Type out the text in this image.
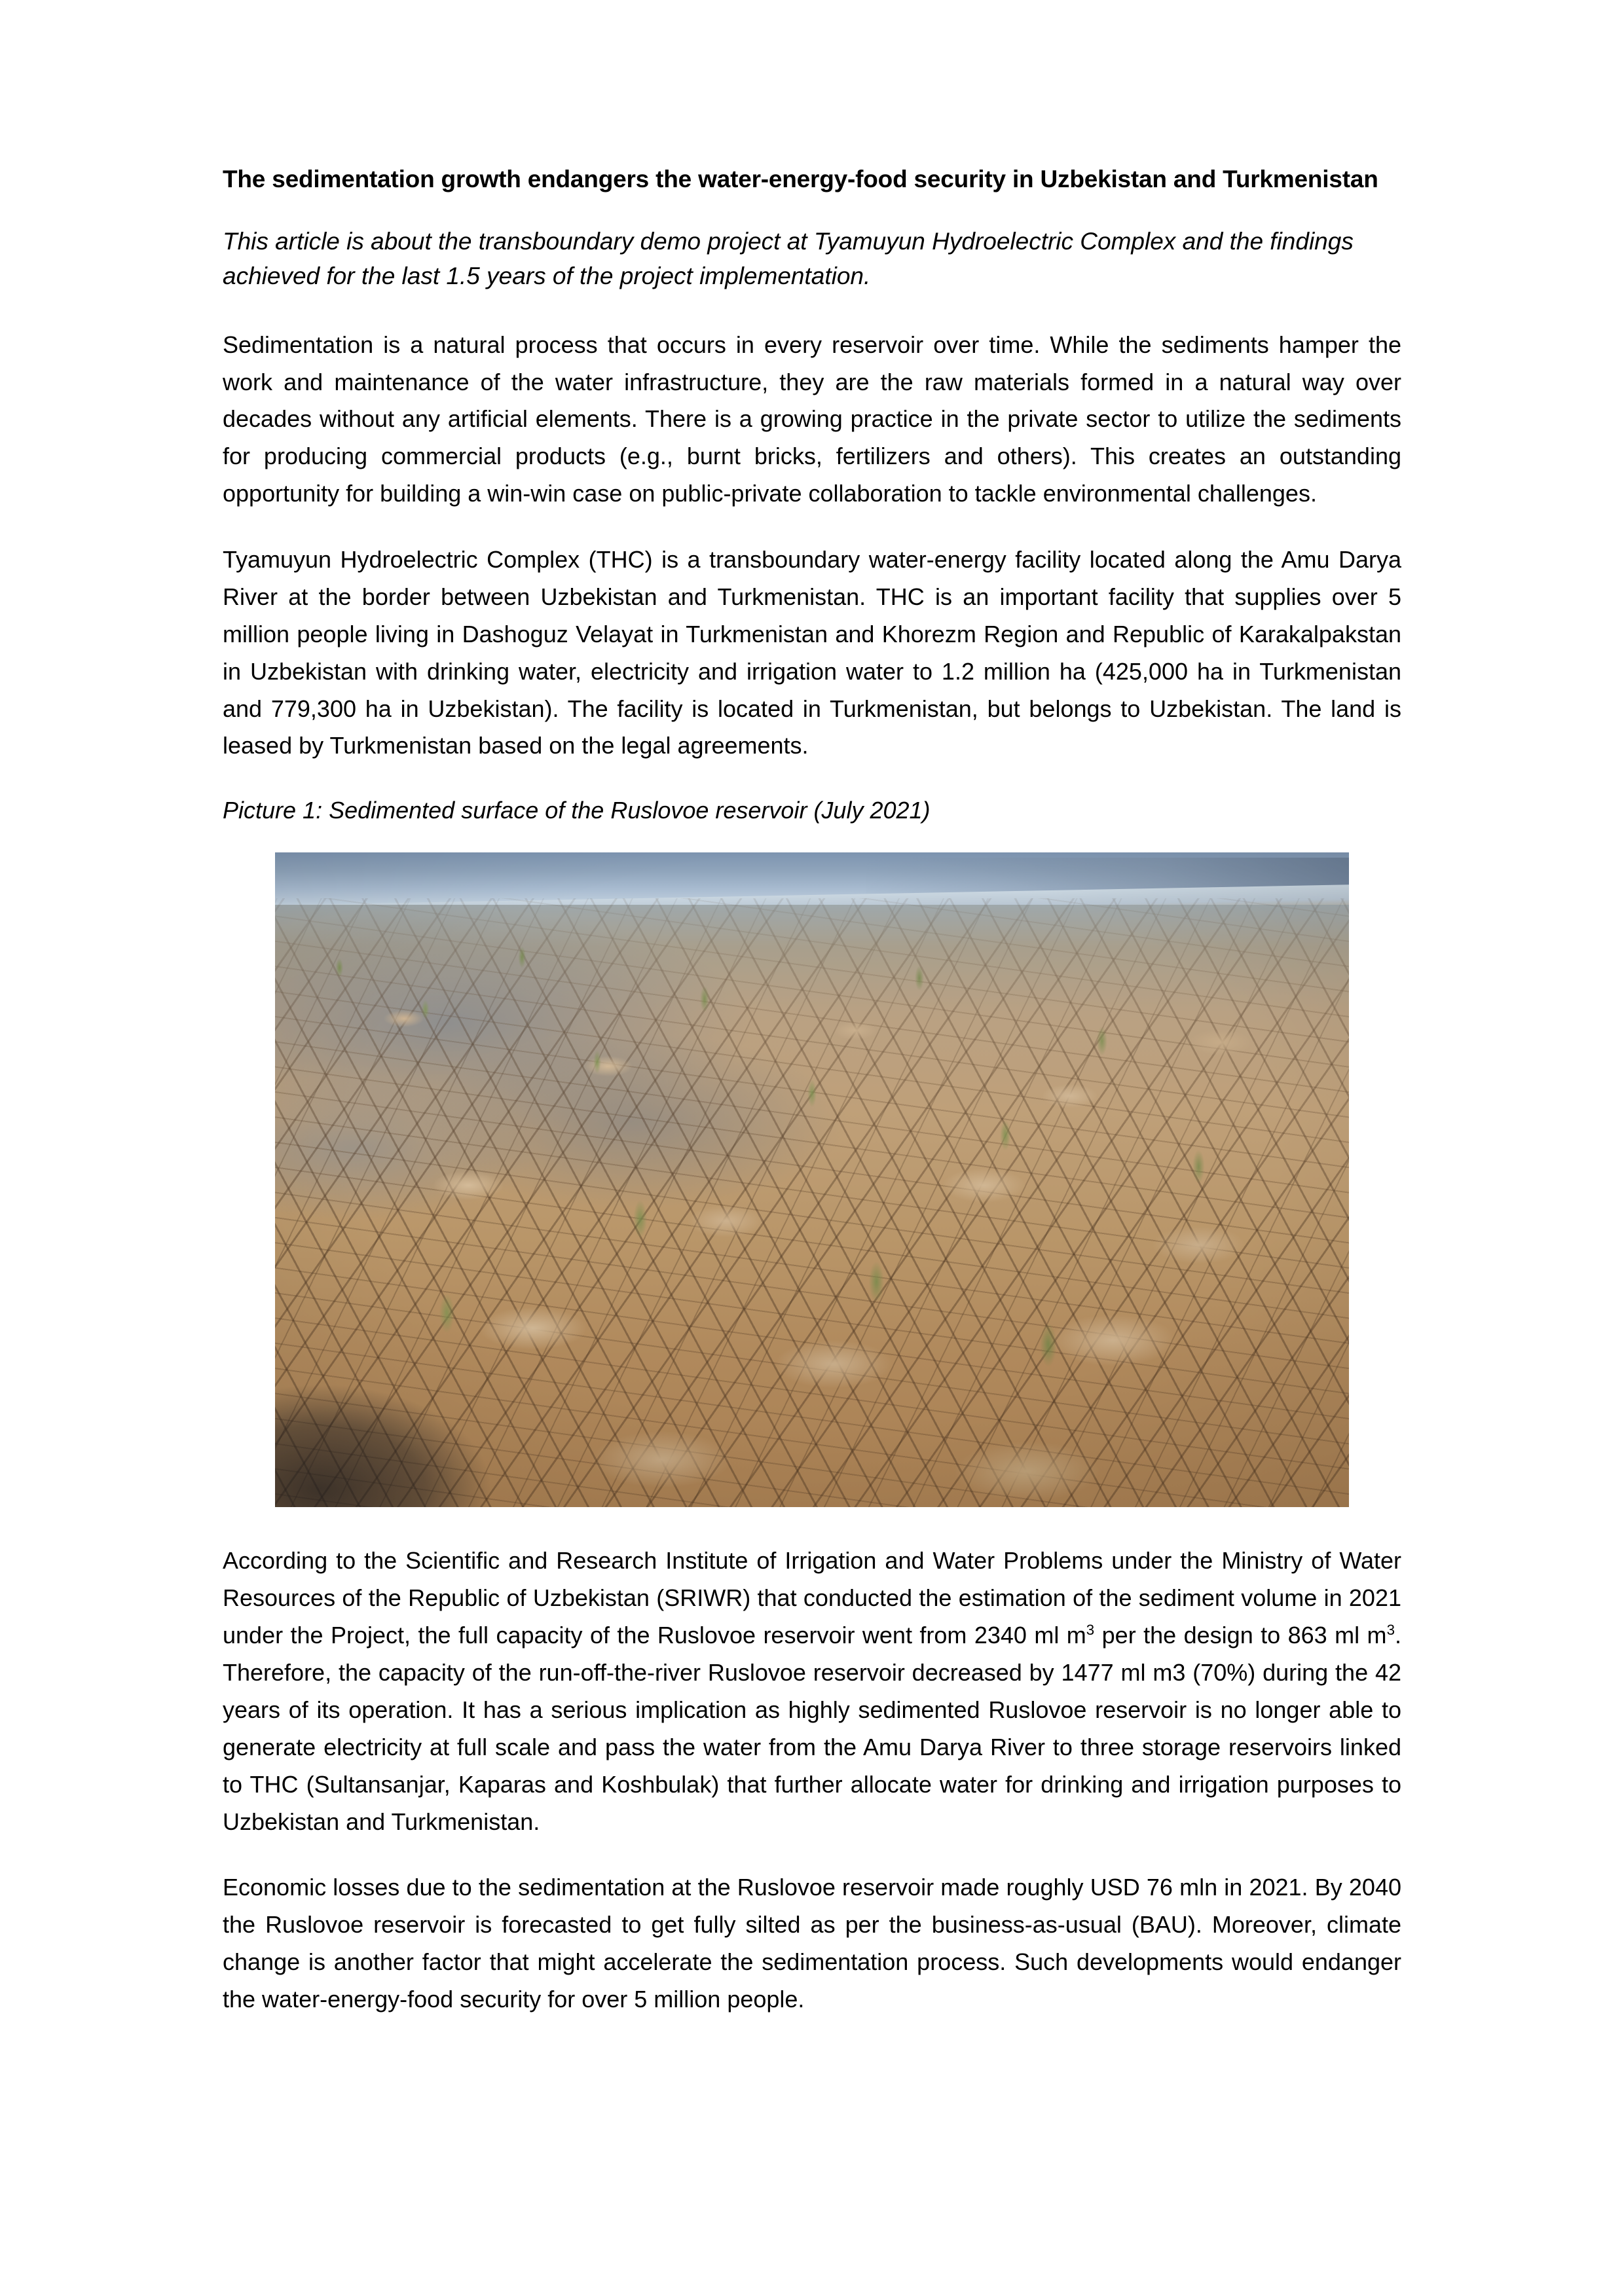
The sedimentation growth endangers the water-energy-food security in Uzbekistan and Turkmenistan

This article is about the transboundary demo project at Tyamuyun Hydroelectric Complex and the findings achieved for the last 1.5 years of the project implementation.

Sedimentation is a natural process that occurs in every reservoir over time. While the sediments hamper the work and maintenance of the water infrastructure, they are the raw materials formed in a natural way over decades without any artificial elements. There is a growing practice in the private sector to utilize the sediments for producing commercial products (e.g., burnt bricks, fertilizers and others). This creates an outstanding opportunity for building a win-win case on public-private collaboration to tackle environmental challenges.

Tyamuyun Hydroelectric Complex (THC) is a transboundary water-energy facility located along the Amu Darya River at the border between Uzbekistan and Turkmenistan. THC is an important facility that supplies over 5 million people living in Dashoguz Velayat in Turkmenistan and Khorezm Region and Republic of Karakalpakstan in Uzbekistan with drinking water, electricity and irrigation water to 1.2 million ha (425,000 ha in Turkmenistan and 779,300 ha in Uzbekistan). The facility is located in Turkmenistan, but belongs to Uzbekistan. The land is leased by Turkmenistan based on the legal agreements.

Picture 1: Sedimented surface of the Ruslovoe reservoir (July 2021)

According to the Scientific and Research Institute of Irrigation and Water Problems under the Ministry of Water Resources of the Republic of Uzbekistan (SRIWR) that conducted the estimation of the sediment volume in 2021 under the Project, the full capacity of the Ruslovoe reservoir went from 2340 ml $m^3$ per the design to 863 ml $m^3$. Therefore, the capacity of the run-off-the-river Ruslovoe reservoir decreased by 1477 ml m3 (70%) during the 42 years of its operation. It has a serious implication as highly sedimented Ruslovoe reservoir is no longer able to generate electricity at full scale and pass the water from the Amu Darya River to three storage reservoirs linked to THC (Sultansanjar, Kaparas and Koshbulak) that further allocate water for drinking and irrigation purposes to Uzbekistan and Turkmenistan.

Economic losses due to the sedimentation at the Ruslovoe reservoir made roughly USD 76 mln in 2021. By 2040 the Ruslovoe reservoir is forecasted to get fully silted as per the business-as-usual (BAU). Moreover, climate change is another factor that might accelerate the sedimentation process. Such developments would endanger the water-energy-food security for over 5 million people.
